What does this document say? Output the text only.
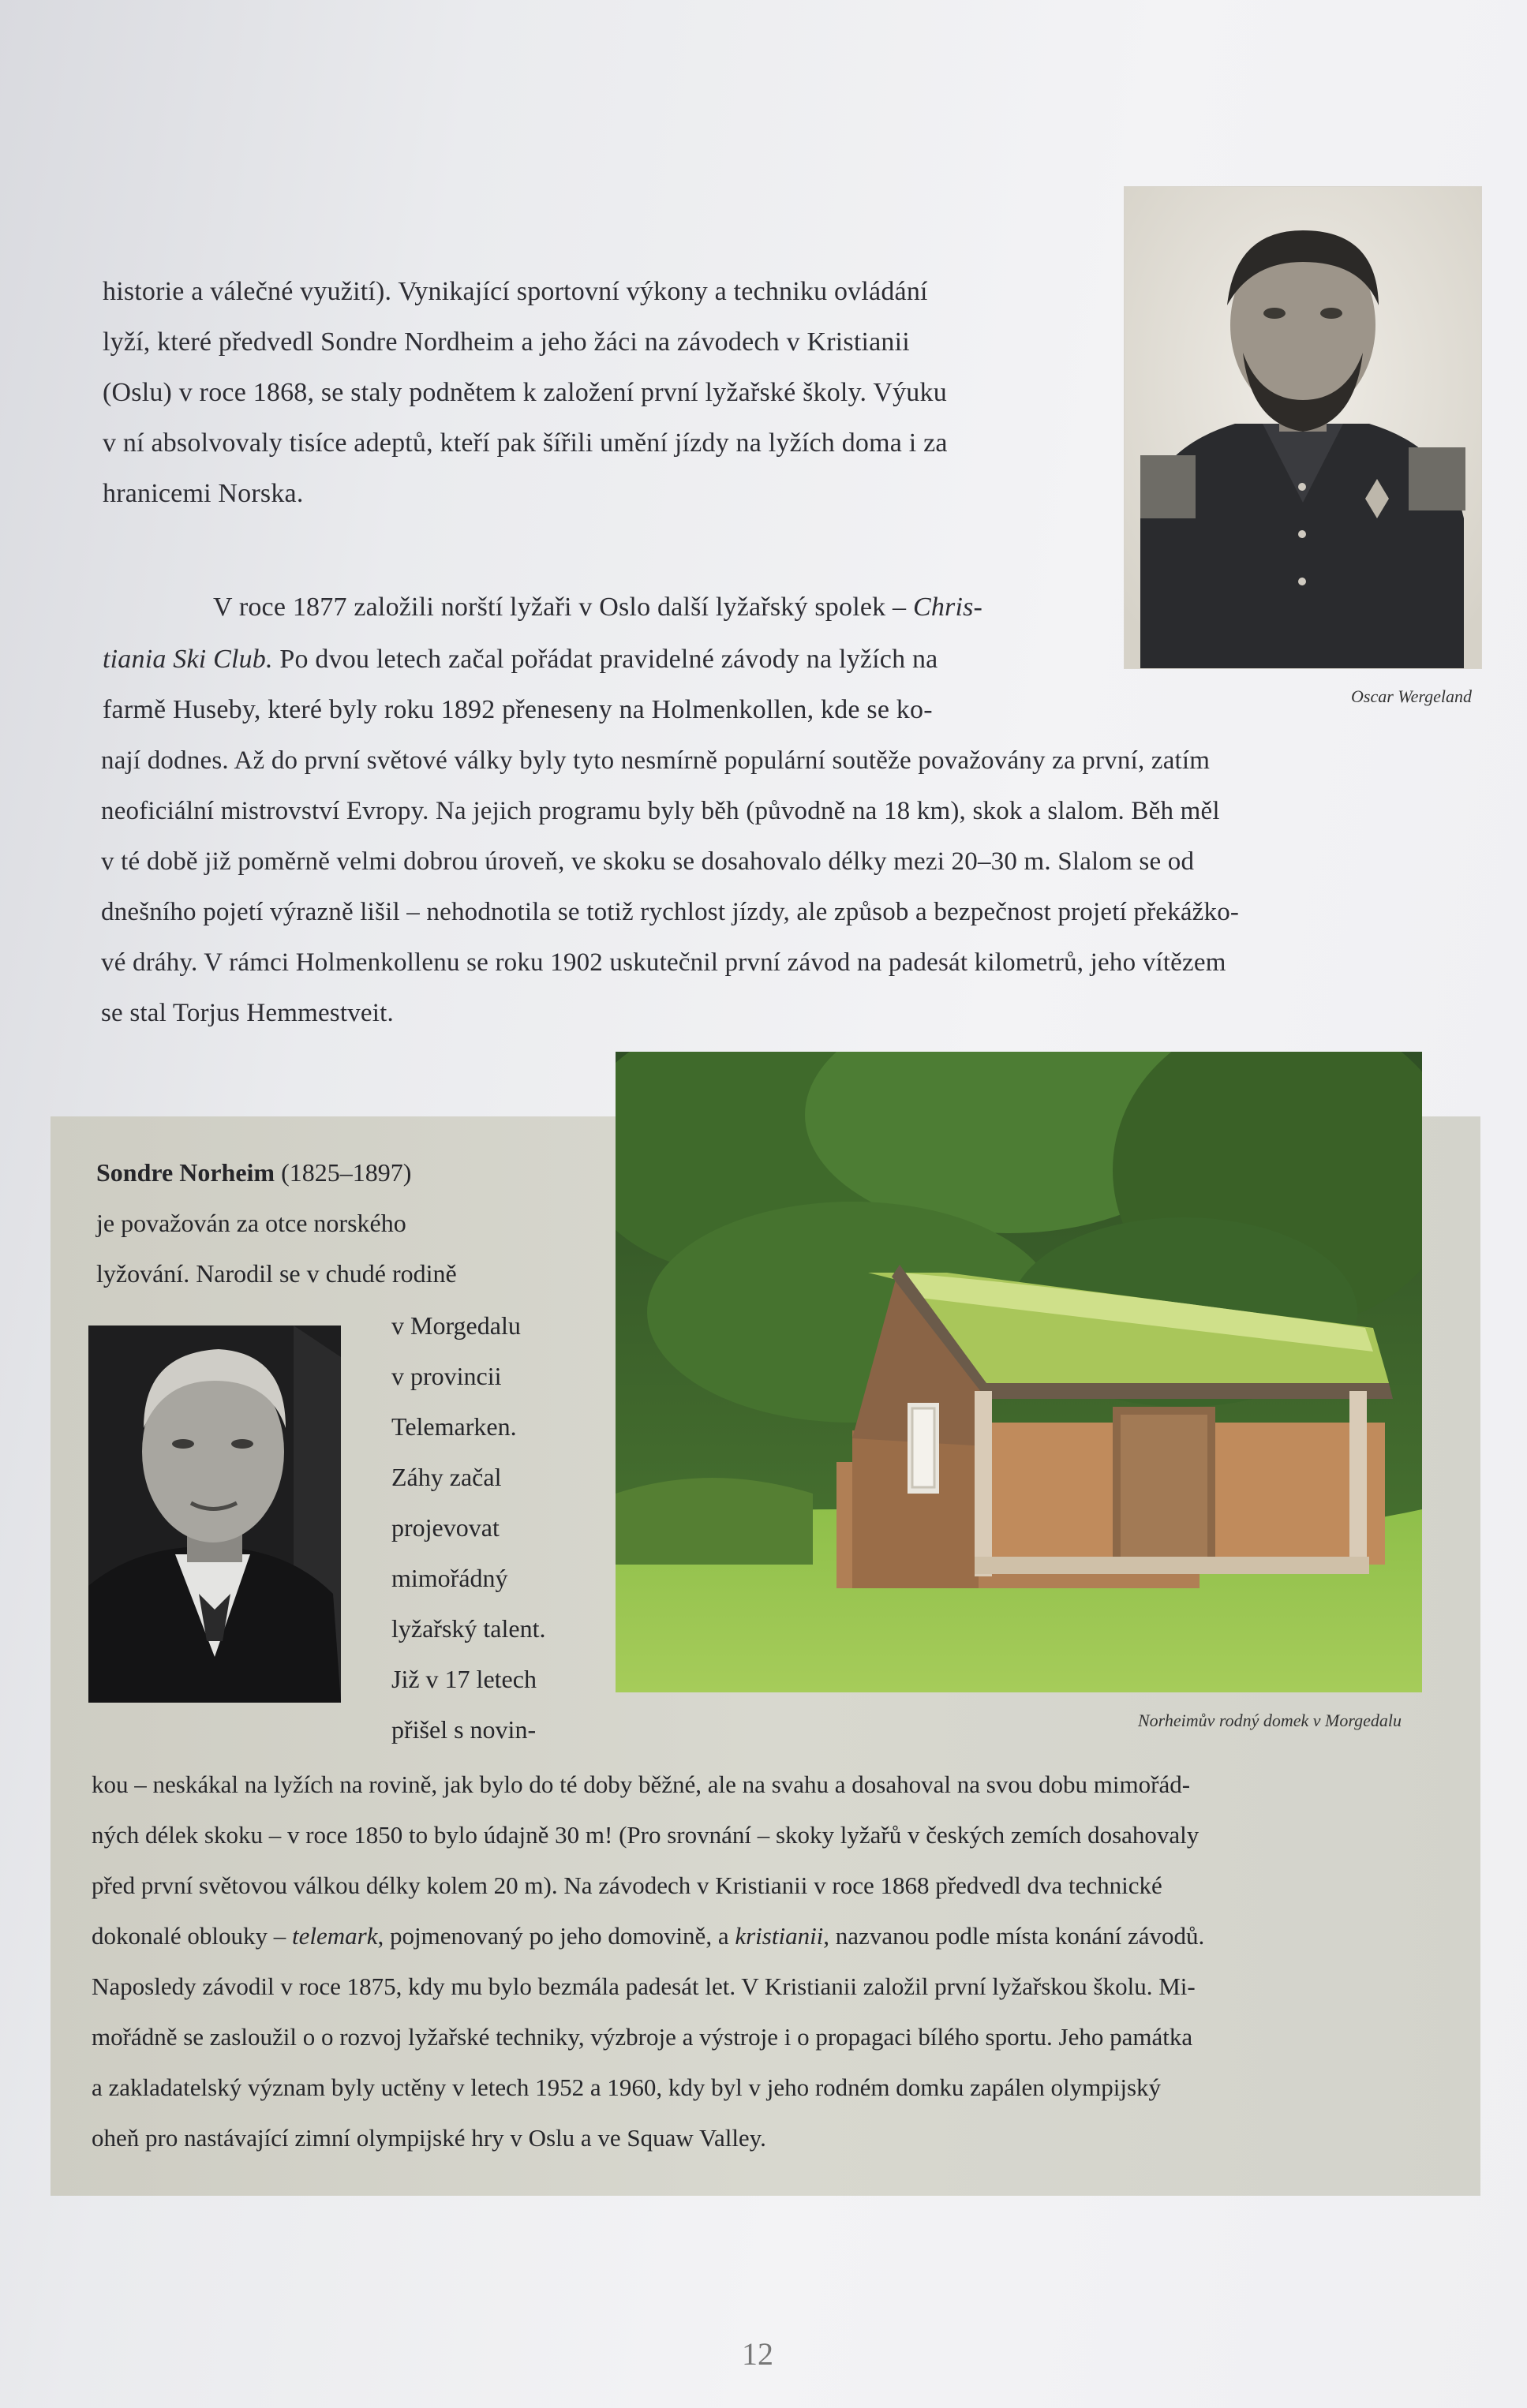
historie a válečné využití). Vynikající sportovní výkony a techniku ovládání
lyží, které předvedl Sondre Nordheim a jeho žáci na závodech v Kristianii
(Oslu) v roce 1868, se staly podnětem k založení první lyžařské školy. Výuku
v ní absolvovaly tisíce adeptů, kteří pak šířili umění jízdy na lyžích doma i za
hranicemi Norska.

Oscar Wergeland

V roce 1877 založili norští lyžaři v Oslo další lyžařský spolek – Chris-

tiania Ski Club. Po dvou letech začal pořádat pravidelné závody na lyžích na
farmě Huseby, které byly roku 1892 přeneseny na Holmenkollen, kde se ko-

nají dodnes. Až do první světové války byly tyto nesmírně populární soutěže považovány za první, zatím
neoficiální mistrovství Evropy. Na jejich programu byly běh (původně na 18 km), skok a slalom. Běh měl
v té době již poměrně velmi dobrou úroveň, ve skoku se dosahovalo délky mezi 20–30 m. Slalom se od
dnešního pojetí výrazně lišil – nehodnotila se totiž rychlost jízdy, ale způsob a bezpečnost projetí překážko-
vé dráhy. V rámci Holmenkollenu se roku 1902 uskutečnil první závod na padesát kilometrů, jeho vítězem
se stal Torjus Hemmestveit.

Norheimův rodný domek v Morgedalu

Sondre Norheim (1825–1897)
je považován za otce norského
lyžování. Narodil se v chudé rodině

v Morgedalu
v provincii
Telemarken.
Záhy začal
projevovat
mimořádný
lyžařský talent.
Již v 17 letech
přišel s novin-

kou – neskákal na lyžích na rovině, jak bylo do té doby běžné, ale na svahu a dosahoval na svou dobu mimořád-
ných délek skoku – v roce 1850 to bylo údajně 30 m! (Pro srovnání – skoky lyžařů v českých zemích dosahovaly
před první světovou válkou délky kolem 20 m). Na závodech v Kristianii v roce 1868 předvedl dva technické
dokonalé oblouky – telemark, pojmenovaný po jeho domovině, a kristianii, nazvanou podle místa konání závodů.
Naposledy závodil v roce 1875, kdy mu bylo bezmála padesát let. V Kristianii založil první lyžařskou školu. Mi-
mořádně se zasloužil o o rozvoj lyžařské techniky, výzbroje a výstroje i o propagaci bílého sportu. Jeho památka
a zakladatelský význam byly uctěny v letech 1952 a 1960, kdy byl v jeho rodném domku zapálen olympijský
oheň pro nastávající zimní olympijské hry v Oslu a ve Squaw Valley.

12
